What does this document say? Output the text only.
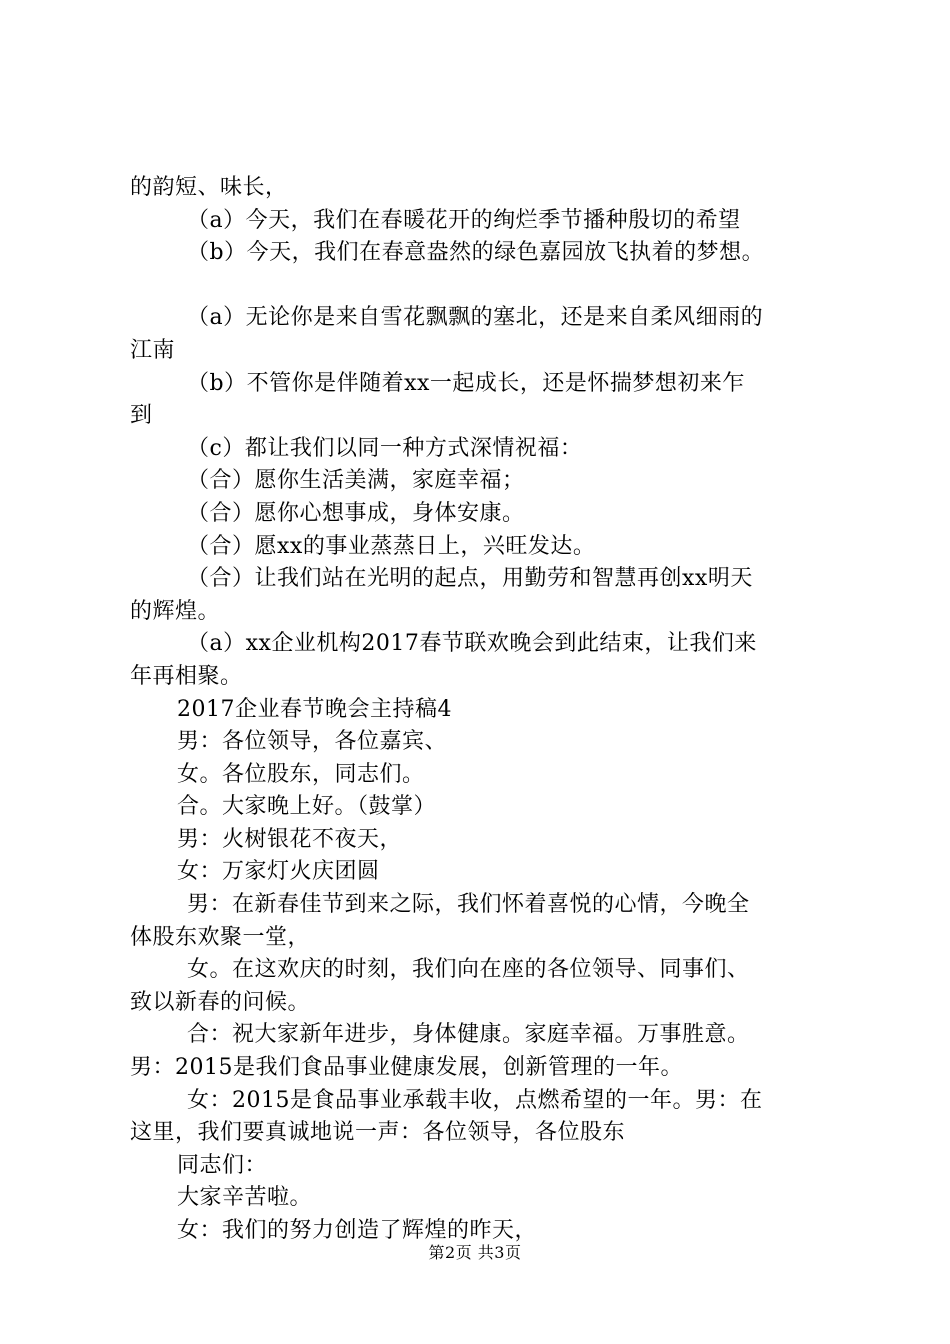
的韵短、味长，
（a）今天，我们在春暖花开的绚烂季节播种殷切的希望
（b）今天，我们在春意盎然的绿色嘉园放飞执着的梦想。
（a）无论你是来自雪花飘飘的塞北，还是来自柔风细雨的
江南
（b）不管你是伴随着xx一起成长，还是怀揣梦想初来乍
到
（c）都让我们以同一种方式深情祝福：
（合）愿你生活美满，家庭幸福；
（合）愿你心想事成，身体安康。
（合）愿xx的事业蒸蒸日上，兴旺发达。
（合）让我们站在光明的起点，用勤劳和智慧再创xx明天
的辉煌。
（a）xx企业机构2017春节联欢晚会到此结束，让我们来
年再相聚。
2017企业春节晚会主持稿4
男：各位领导，各位嘉宾、
女。各位股东，同志们。
合。大家晚上好。（鼓掌）
男：火树银花不夜天，
女：万家灯火庆团圆
男：在新春佳节到来之际，我们怀着喜悦的心情，今晚全
体股东欢聚一堂，
女。在这欢庆的时刻，我们向在座的各位领导、同事们、
致以新春的问候。
合：祝大家新年进步，身体健康。家庭幸福。万事胜意。
男：2015是我们食品事业健康发展，创新管理的一年。
女：2015是食品事业承载丰收，点燃希望的一年。男：在
这里，我们要真诚地说一声：各位领导，各位股东
同志们：
大家辛苦啦。
女：我们的努力创造了辉煌的昨天，
第2页 共3页
